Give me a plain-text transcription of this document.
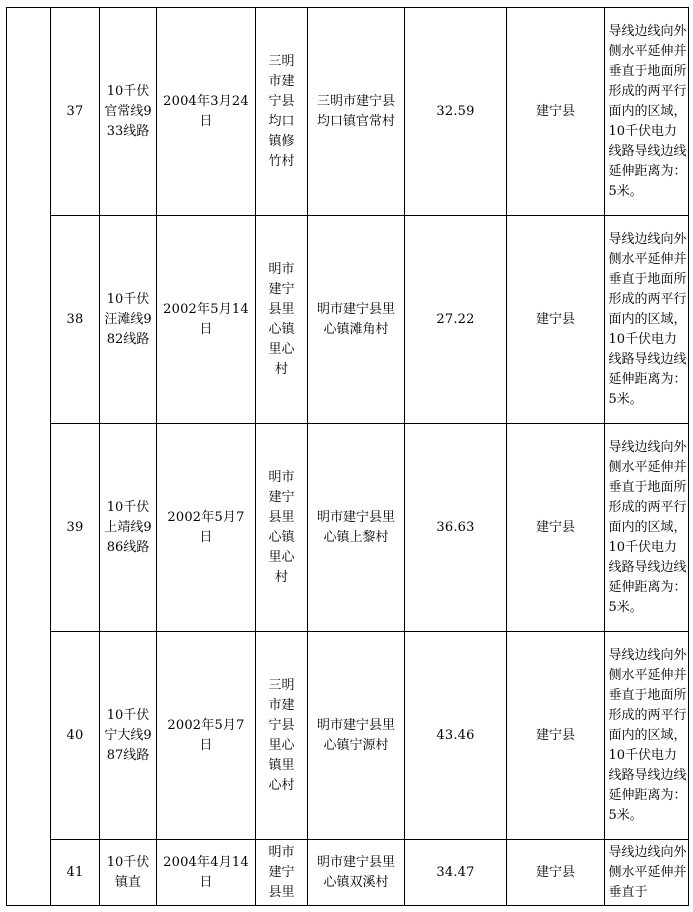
	37	10千伏官常线933线路	2004年3月24日	三明市建宁县均口镇修竹村	三明市建宁县均口镇官常村	32.59	建宁县	导线边线向外侧水平延伸并垂直于地面所形成的两平行面内的区域，10千伏电力线路导线边线延伸距离为：5米。

	38	10千伏汪滩线982线路	2002年5月14日	明市建宁县里心镇里心村	明市建宁县里心镇滩角村	27.22	建宁县	导线边线向外侧水平延伸并垂直于地面所形成的两平行面内的区域，10千伏电力线路导线边线延伸距离为：5米。

	39	10千伏上靖线986线路	2002年5月7日	明市建宁县里心镇里心村	明市建宁县里心镇上黎村	36.63	建宁县	导线边线向外侧水平延伸并垂直于地面所形成的两平行面内的区域，10千伏电力线路导线边线延伸距离为：5米。

	40	10千伏宁大线987线路	2002年5月7日	三明市建宁县里心镇里心村	明市建宁县里心镇宁源村	43.46	建宁县	导线边线向外侧水平延伸并垂直于地面所形成的两平行面内的区域，10千伏电力线路导线边线延伸距离为：5米。

	41	10千伏镇直	2004年4月14日	明市建宁县里	明市建宁县里心镇双溪村	34.47	建宁县	导线边线向外侧水平延伸并垂直于
